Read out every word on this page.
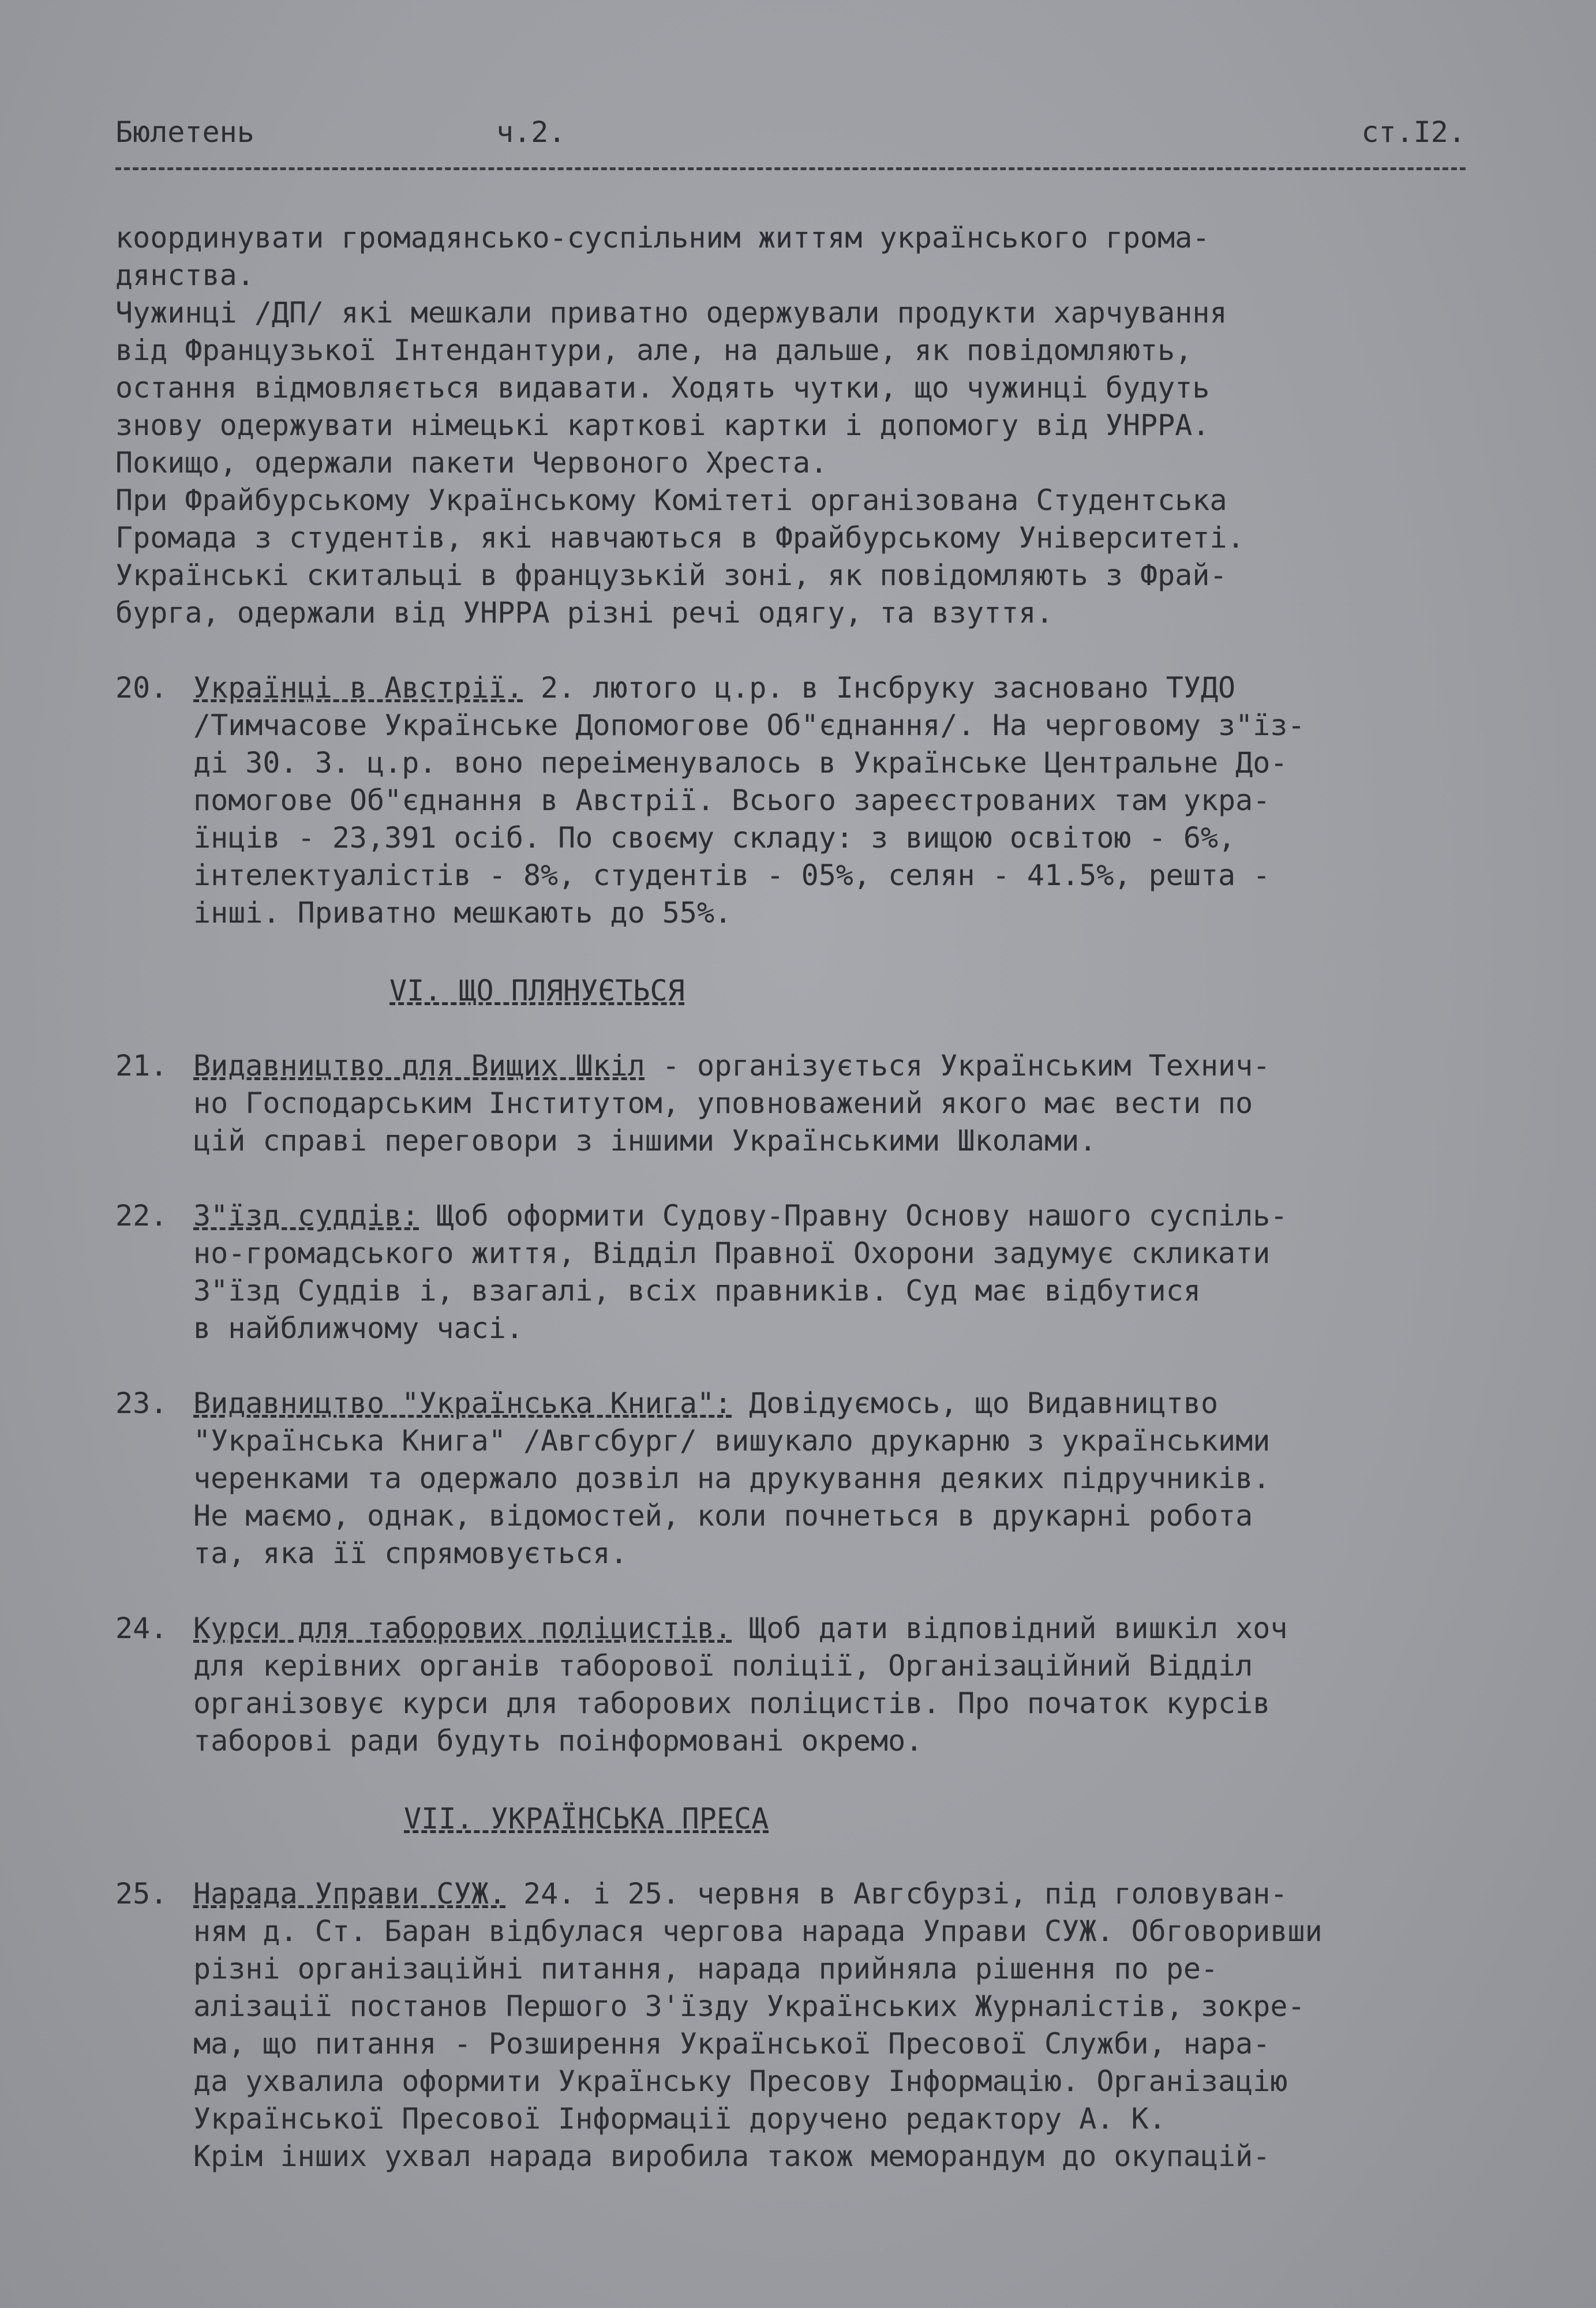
Бюлетень	ч.2.	ст.I2.
координувати громадянсько-суспільним життям українського грома-
дянства.
Чужинці /ДП/ які мешкали приватно одержували продукти харчування
від Французької Інтендантури, але, на дальше, як повідомляють,
остання відмовляється видавати. Ходять чутки, що чужинці будуть
знову одержувати німецькі карткові картки і допомогу від УНРРА.
Покищо, одержали пакети Червоного Хреста.
При Фрайбурському Українському Комітеті організована Студентська
Громада з студентів, які навчаються в Фрайбурському Університеті.
Українські скитальці в французькій зоні, як повідомляють з Фрай-
бурга, одержали від УНРРА різні речі одягу, та взуття.
20. Українці в Австрії. 2. лютого ц.р. в Інсбруку засновано ТУДО
/Тимчасове Українське Допомогове Об"єднання/. На черговому з"їз-
ді 30. 3. ц.р. воно переіменувалось в Українське Центральне До-
помогове Об"єднання в Австрії. Всього зареєстрованих там укра-
їнців - 23,391 осіб. По своєму складу: з вищою освітою - 6%,
інтелектуалістів - 8%, студентів - 05%, селян - 41.5%, решта -
інші. Приватно мешкають до 55%.
VI. ЩО ПЛЯНУЄТЬСЯ
21. Видавництво для Вищих Шкіл - організується Українським Технич-
но Господарським Інститутом, уповноважений якого має вести по
цій справі переговори з іншими Українськими Школами.
22. З"їзд суддів: Щоб оформити Судову-Правну Основу нашого суспіль-
но-громадського життя, Відділ Правної Охорони задумує скликати
З"їзд Суддів і, взагалі, всіх правників. Суд має відбутися
в найближчому часі.
23. Видавництво "Українська Книга": Довідуємось, що Видавництво
"Українська Книга" /Авгсбург/ вишукало друкарню з українськими
черенками та одержало дозвіл на друкування деяких підручників.
Не маємо, однак, відомостей, коли почнеться в друкарні робота
та, яка її спрямовується.
24. Курси для таборових поліцистів. Щоб дати відповідний вишкіл хоч
для керівних органів таборової поліції, Організаційний Відділ
організовує курси для таборових поліцистів. Про початок курсів
таборові ради будуть поінформовані окремо.
VII. УКРАЇНСЬКА ПРЕСА
25. Нарада Управи СУЖ. 24. і 25. червня в Авгсбурзі, під головуван-
ням д. Ст. Баран відбулася чергова нарада Управи СУЖ. Обговоривши
різні організаційні питання, нарада прийняла рішення по ре-
алізації постанов Першого З'їзду Українських Журналістів, зокре-
ма, що питання - Розширення Української Пресової Служби, нара-
да ухвалила оформити Українську Пресову Інформацію. Організацію
Української Пресової Інформації доручено редактору А. К.
Крім інших ухвал нарада виробила також меморандум до окупацій-
